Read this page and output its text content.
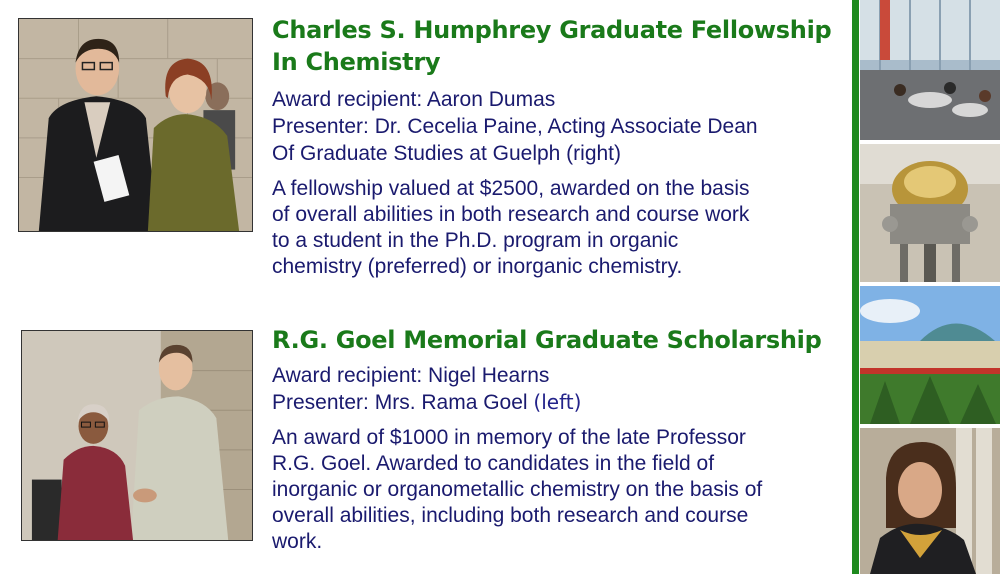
Charles S. Humphrey Graduate Fellowship
In Chemistry

Award recipient: Aaron Dumas

Presenter: Dr. Cecelia Paine, Acting Associate Dean

Of Graduate Studies at Guelph (right)

A fellowship valued at $2500, awarded on the basis
of overall abilities in both research and course work
to a student in the Ph.D. program in organic
chemistry (preferred) or inorganic chemistry.

R.G. Goel Memorial Graduate Scholarship

Award recipient: Nigel Hearns

Presenter: Mrs. Rama Goel (left)

An award of $1000 in memory of the late Professor
R.G. Goel. Awarded to candidates in the field of
inorganic or organometallic chemistry on the basis of
overall abilities, including both research and course
work.
